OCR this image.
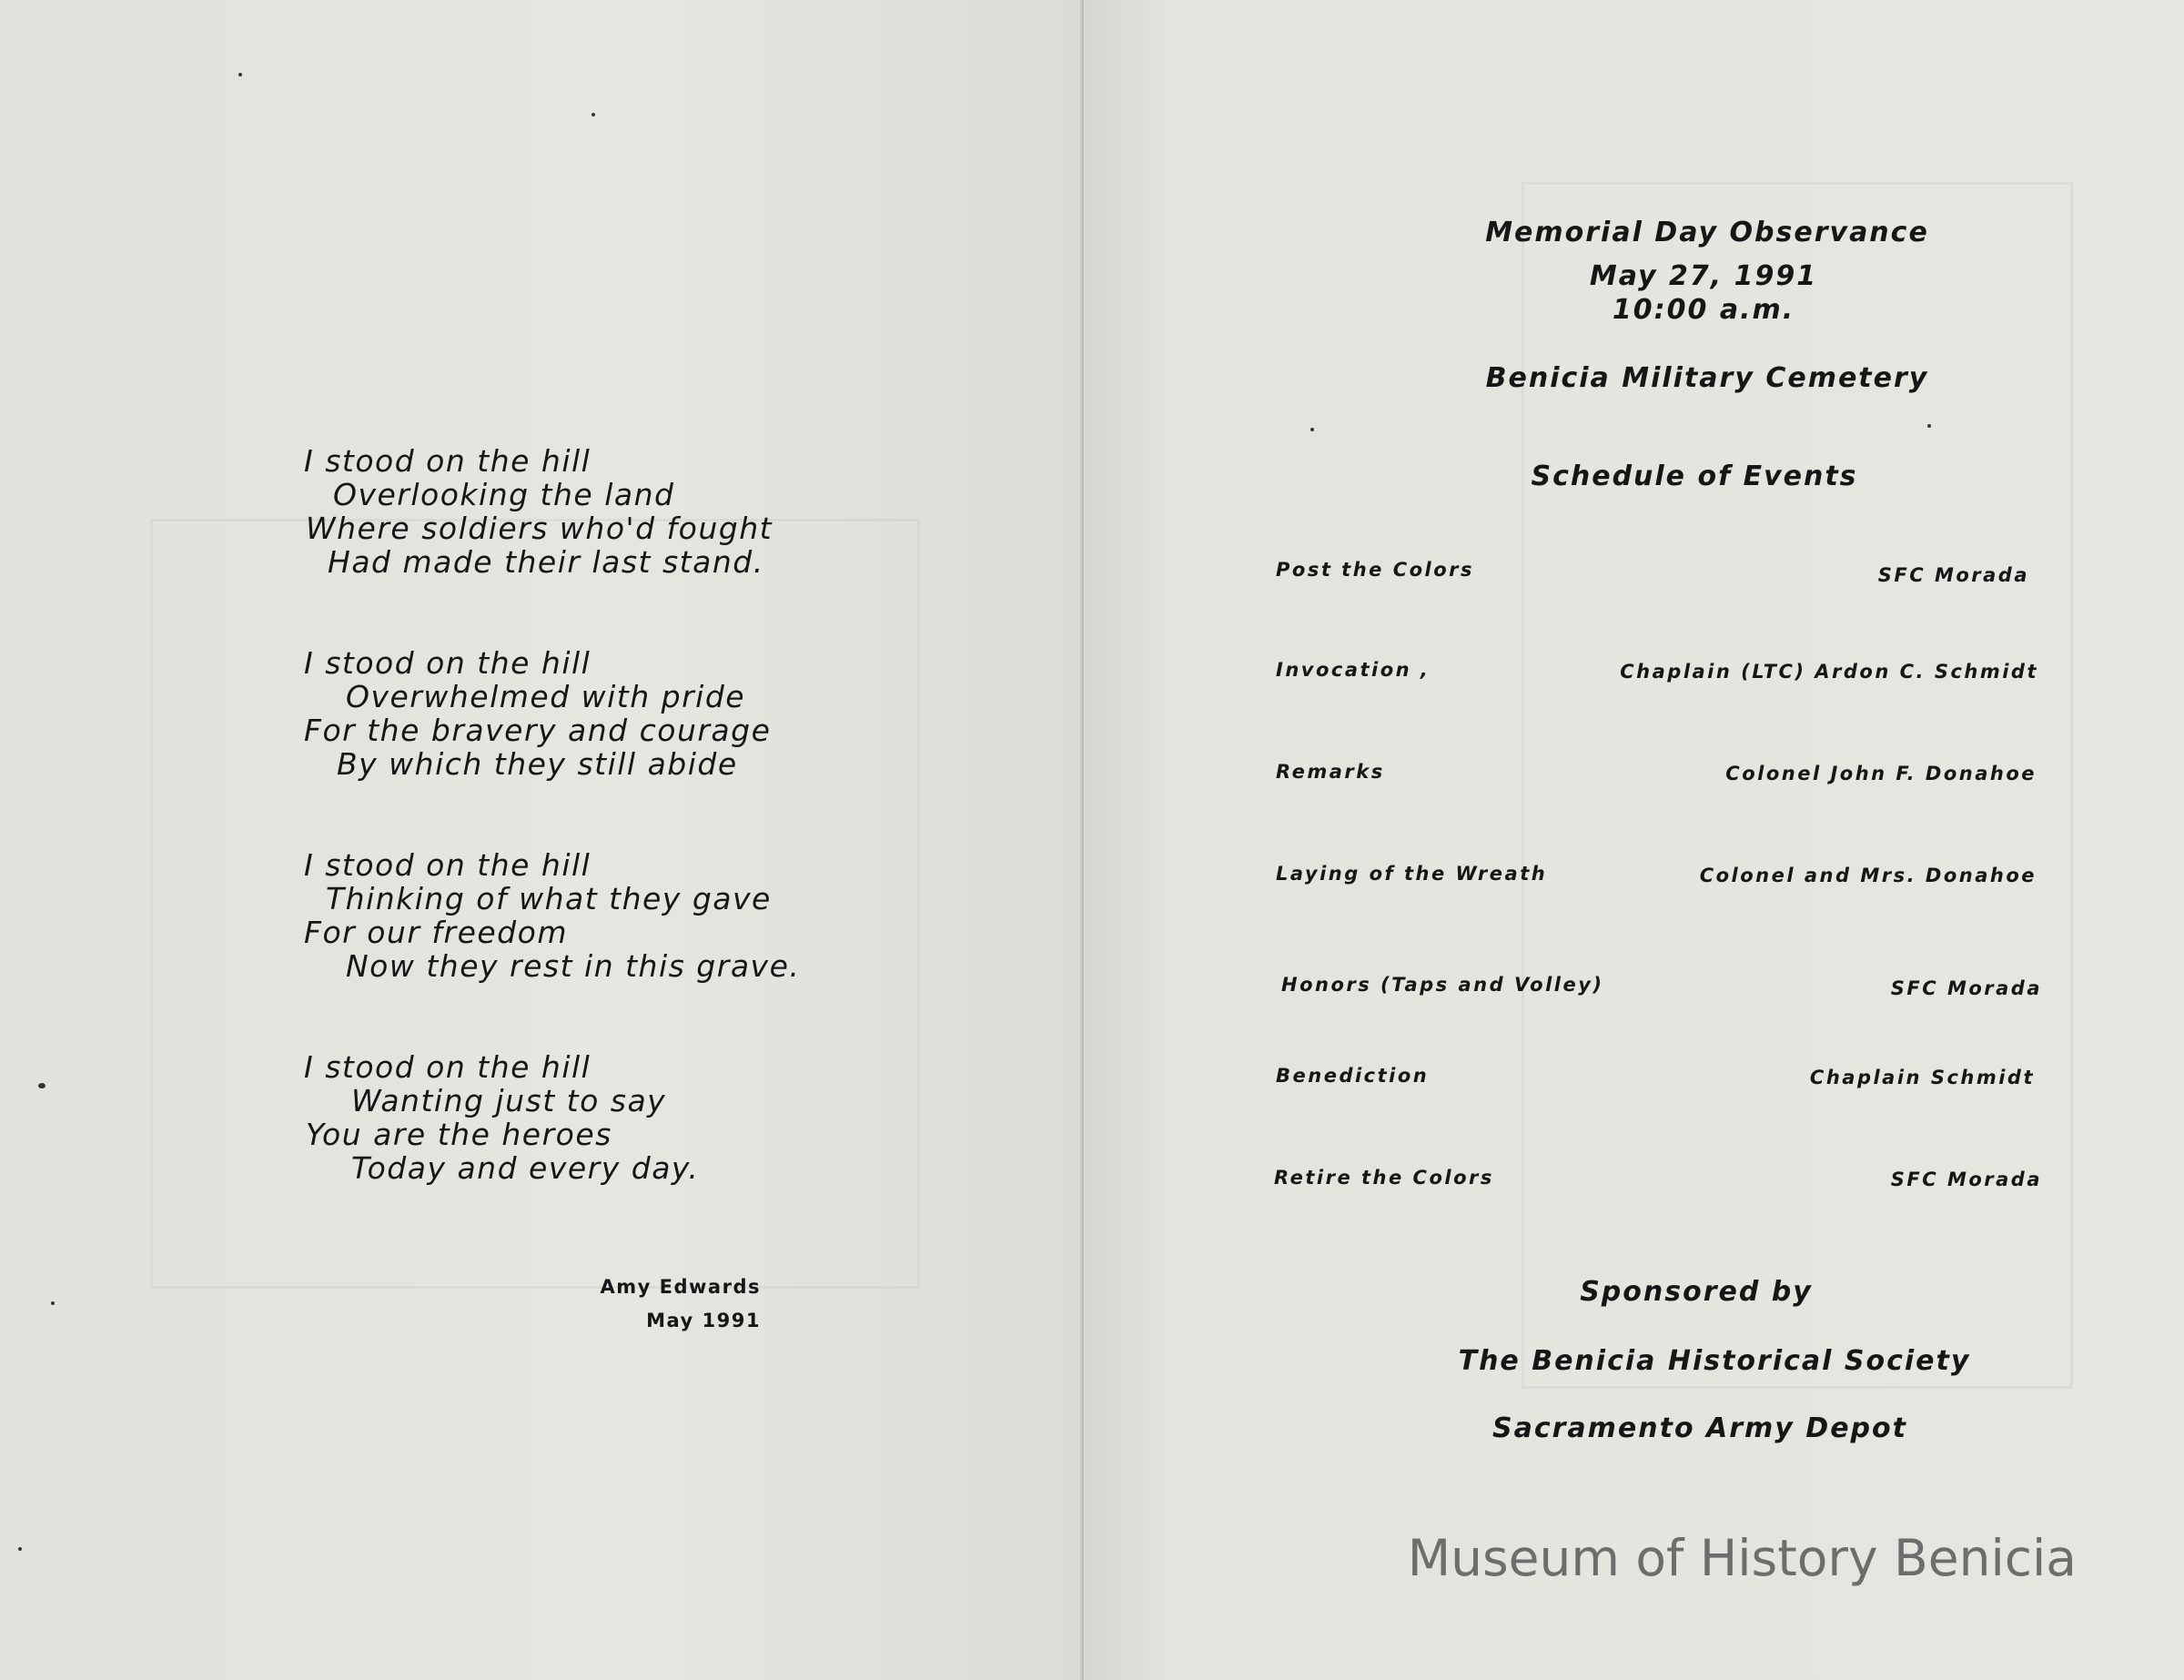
I stood on the hill
Overlooking the land
Where soldiers who'd fought
Had made their last stand.
I stood on the hill
Overwhelmed with pride
For the bravery and courage
By which they still abide
I stood on the hill
Thinking of what they gave
For our freedom
Now they rest in this grave.
I stood on the hill
Wanting just to say
You are the heroes
Today and every day.
Amy Edwards
May 1991
Memorial Day Observance
May 27, 1991
10:00 a.m.
Benicia Military Cemetery
Schedule of Events
Post the Colors	SFC Morada
Invocation ,	Chaplain (LTC) Ardon C. Schmidt
Remarks	Colonel John F. Donahoe
Laying of the Wreath	Colonel and Mrs. Donahoe
Honors (Taps and Volley)	SFC Morada
Benediction	Chaplain Schmidt
Retire the Colors	SFC Morada
Sponsored by
The Benicia Historical Society
Sacramento Army Depot
Museum of History Benicia
